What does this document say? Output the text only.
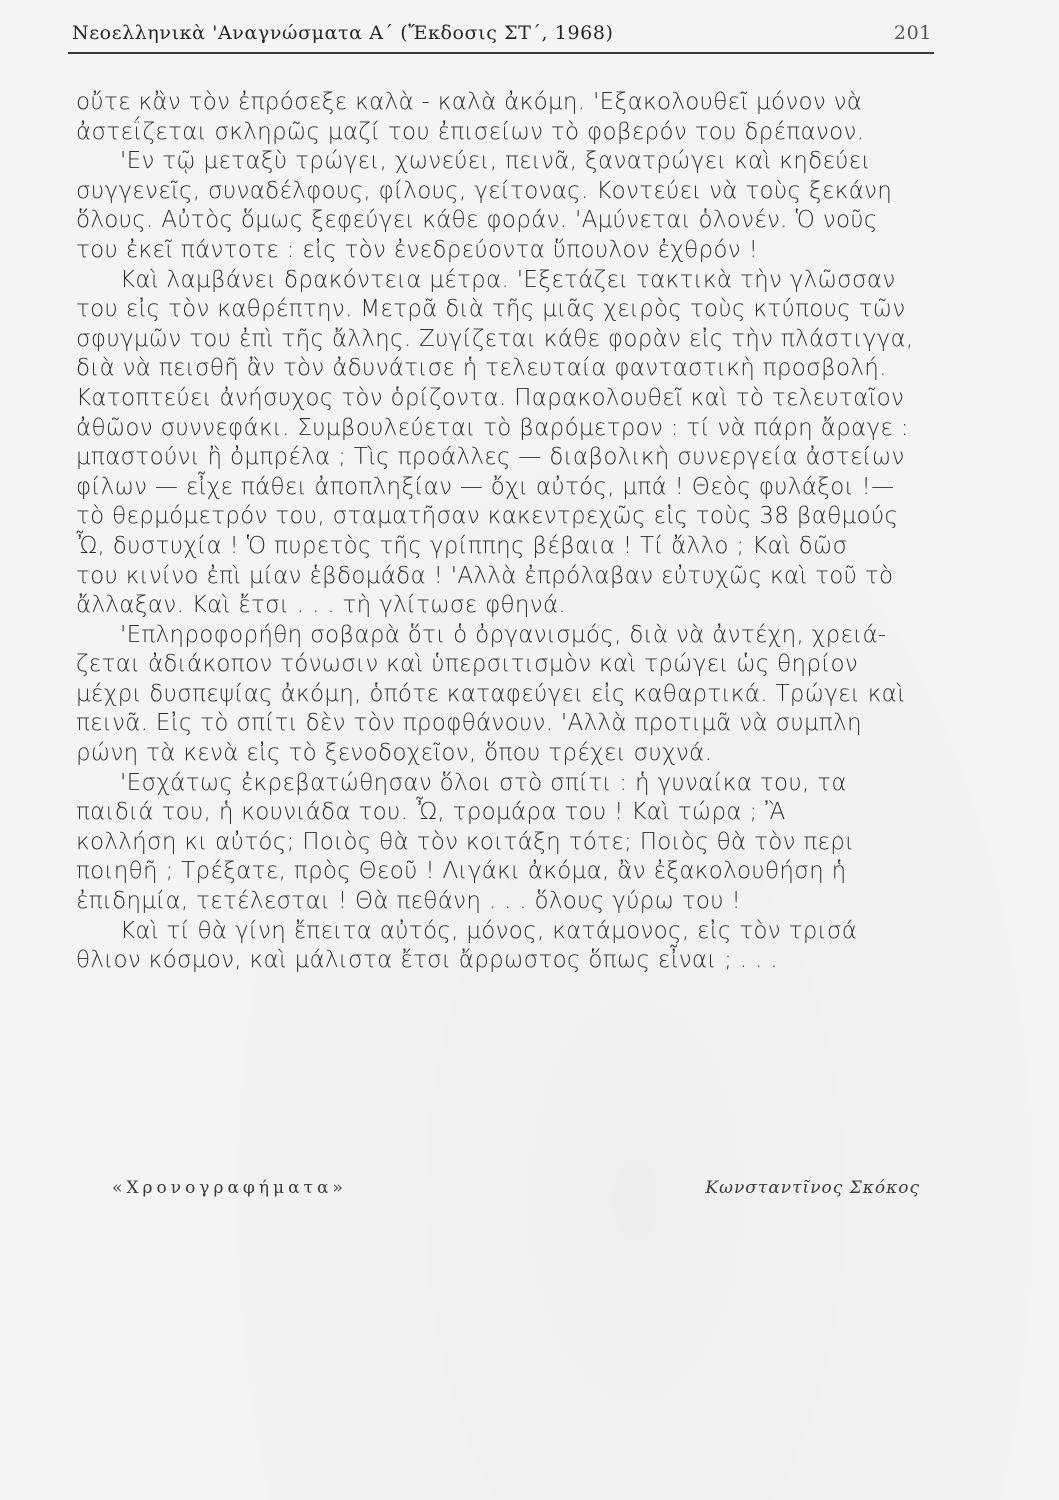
Νεοελληνικὰ 'Αναγνώσματα Α΄ (Ἔκδοσις ΣΤ΄, 1968)	201
οὔτε κἂν τὸν ἐπρόσεξε καλὰ - καλὰ ἀκόμη. 'Εξακολουθεῖ μόνον νὰ
ἀστεΐζεται σκληρῶς μαζί του ἐπισείων τὸ φοβερόν του δρέπανον.
'Εν τῷ μεταξὺ τρώγει, χωνεύει, πεινᾶ, ξανατρώγει καὶ κηδεύει
συγγενεῖς, συναδέλφους, φίλους, γείτονας. Κοντεύει νὰ τοὺς ξεκάνη
ὅλους. Αὐτὸς ὅμως ξεφεύγει κάθε φοράν. 'Αμύνεται ὁλονέν. Ὁ νοῦς
του ἐκεῖ πάντοτε : εἰς τὸν ἐνεδρεύοντα ὕπουλον ἐχθρόν !
Καὶ λαμβάνει δρακόντεια μέτρα. 'Εξετάζει τακτικὰ τὴν γλῶσσαν
του εἰς τὸν καθρέπτην. Μετρᾶ διὰ τῆς μιᾶς χειρὸς τοὺς κτύπους τῶν
σφυγμῶν του ἐπὶ τῆς ἄλλης. Ζυγίζεται κάθε φορὰν εἰς τὴν πλάστιγγα,
διὰ νὰ πεισθῆ ἂν τὸν ἀδυνάτισε ἡ τελευταία φανταστικὴ προσβολή.
Κατοπτεύει ἀνήσυχος τὸν ὁρίζοντα. Παρακολουθεῖ καὶ τὸ τελευταῖον
ἀθῶον συννεφάκι. Συμβουλεύεται τὸ βαρόμετρον : τί νὰ πάρη ἄραγε :
μπαστούνι ἢ ὀμπρέλα ; Τὶς προάλλες — διαβολικὴ συνεργεία ἀστείων
φίλων — εἶχε πάθει ἀποπληξίαν — ὄχι αὐτός, μπά ! Θεὸς φυλάξοι !—
τὸ θερμόμετρόν του, σταματῆσαν κακεντρεχῶς εἰς τοὺς 38 βαθμούς
Ὦ, δυστυχία ! Ὁ πυρετὸς τῆς γρίππης βέβαια ! Τί ἄλλο ; Καὶ δῶσ
του κινίνο ἐπὶ μίαν ἑβδομάδα ! 'Αλλὰ ἐπρόλαβαν εὐτυχῶς καὶ τοῦ τὸ
ἄλλαξαν. Καὶ ἔτσι . . . τὴ γλίτωσε φθηνά.
'Επληροφορήθη σοβαρὰ ὅτι ὁ ὀργανισμός, διὰ νὰ ἀντέχη, χρειά-
ζεται ἀδιάκοπον τόνωσιν καὶ ὑπερσιτισμὸν καὶ τρώγει ὡς θηρίον
μέχρι δυσπεψίας ἀκόμη, ὁπότε καταφεύγει εἰς καθαρτικά. Τρώγει καὶ
πεινᾶ. Εἰς τὸ σπίτι δὲν τὸν προφθάνουν. 'Αλλὰ προτιμᾶ νὰ συμπλη
ρώνη τὰ κενὰ εἰς τὸ ξενοδοχεῖον, ὅπου τρέχει συχνά.
'Εσχάτως ἐκρεβατώθησαν ὅλοι στὸ σπίτι : ἡ γυναίκα του, τα
παιδιά του, ἡ κουνιάδα του. Ὦ, τρομάρα του ! Καὶ τώρα ; Ἂ
κολλήση κι αὐτός; Ποιὸς θὰ τὸν κοιτάξη τότε; Ποιὸς θὰ τὸν περι
ποιηθῆ ; Τρέξατε, πρὸς Θεοῦ ! Λιγάκι ἀκόμα, ἂν ἐξακολουθήση ἡ
ἐπιδημία, τετέλεσται ! Θὰ πεθάνη . . . ὅλους γύρω του !
Καὶ τί θὰ γίνη ἔπειτα αὐτός, μόνος, κατάμονος, εἰς τὸν τρισά
θλιον κόσμον, καὶ μάλιστα ἔτσι ἄρρωστος ὅπως εἶναι ; . . .
«Χρονογραφήματα»	Κωνσταντῖνος Σκόκος
